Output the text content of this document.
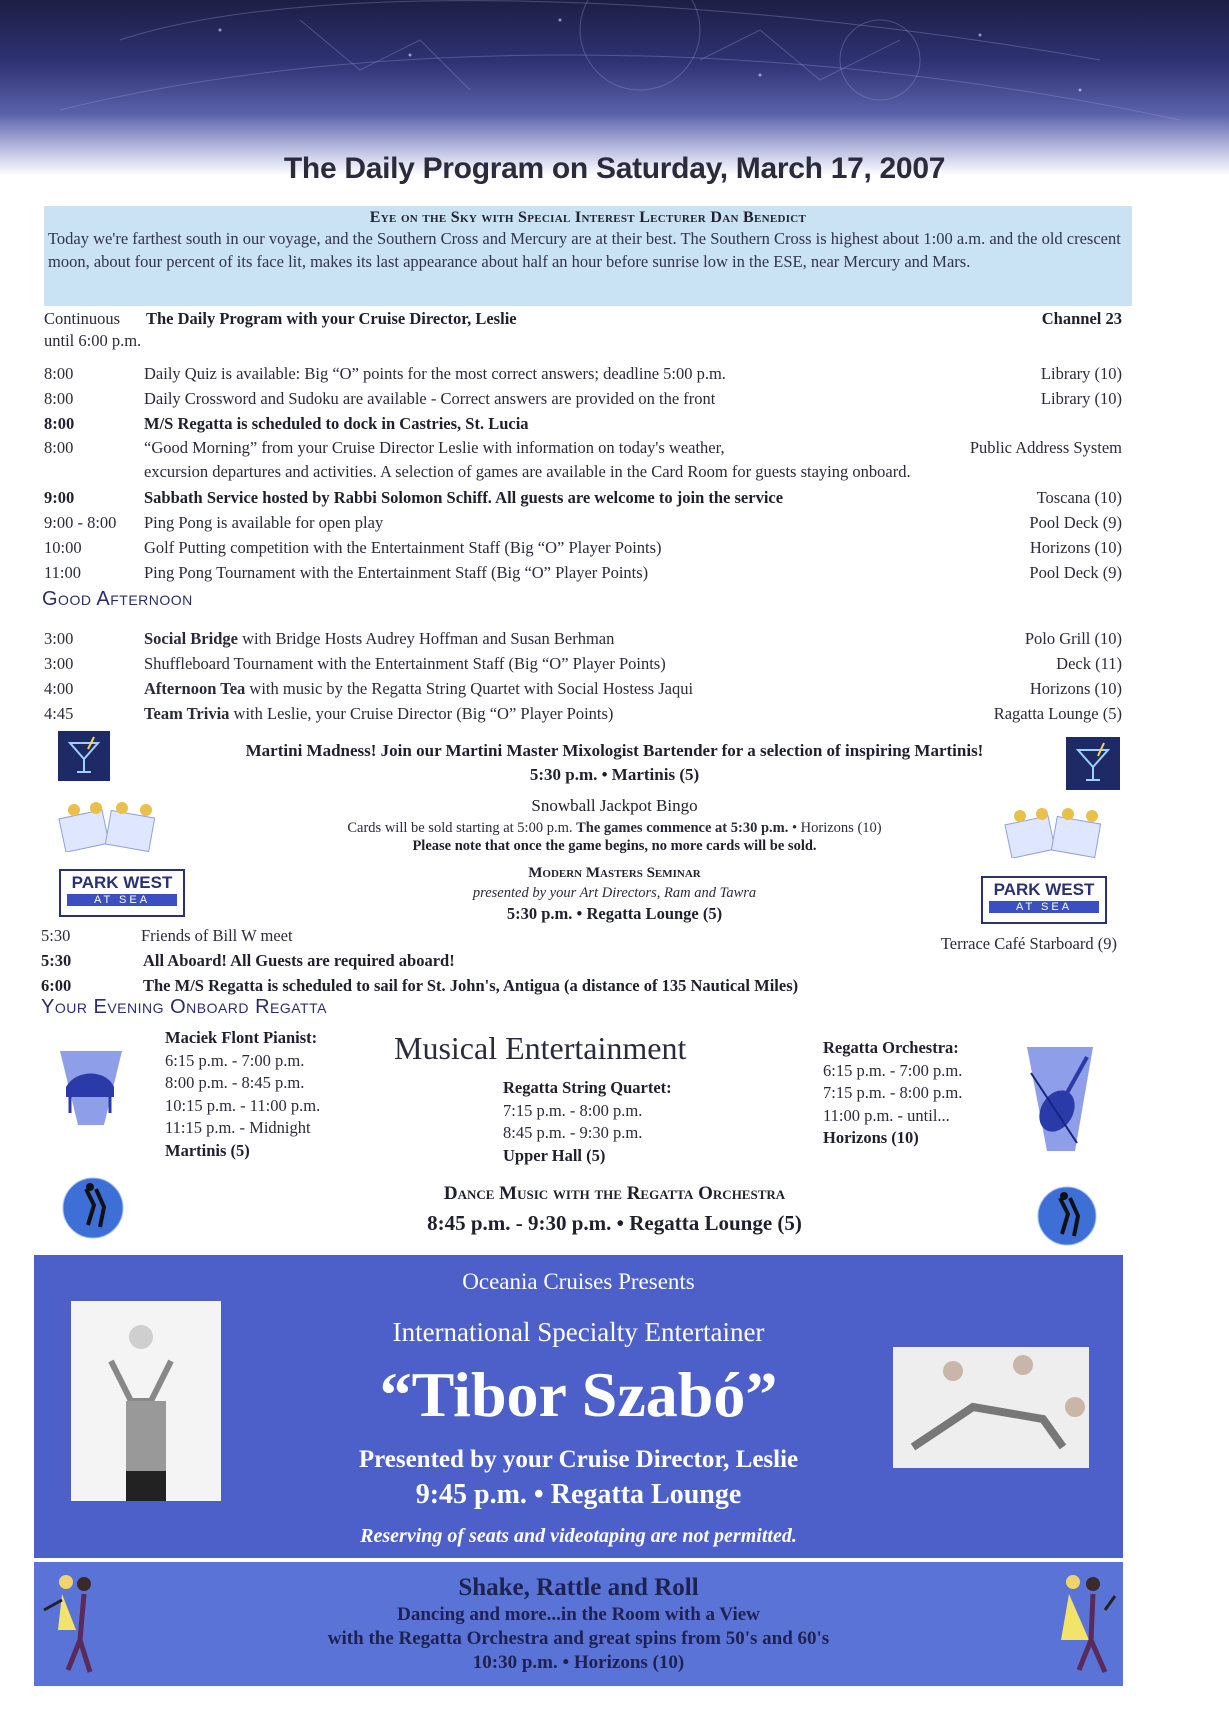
The Daily Program on Saturday, March 17, 2007
Eye on the Sky with Special Interest Lecturer Dan Benedict
Today we're farthest south in our voyage, and the Southern Cross and Mercury are at their best. The Southern Cross is highest about 1:00 a.m. and the old crescent moon, about four percent of its face lit, makes its last appearance about half an hour before sunrise low in the ESE, near Mercury and Mars.
Continuous The Daily Program with your Cruise Director, Leslie	Channel 23
until 6:00 p.m.
8:00	Daily Quiz is available: Big “O” points for the most correct answers; deadline 5:00 p.m.	Library (10)
8:00	Daily Crossword and Sudoku are available - Correct answers are provided on the front	Library (10)
8:00	M/S Regatta is scheduled to dock in Castries, St. Lucia
8:00	“Good Morning” from your Cruise Director Leslie with information on today's weather,	Public Address System
excursion departures and activities. A selection of games are available in the Card Room for guests staying onboard.
9:00	Sabbath Service hosted by Rabbi Solomon Schiff. All guests are welcome to join the service	Toscana (10)
9:00 - 8:00 Ping Pong is available for open play	Pool Deck (9)
10:00	Golf Putting competition with the Entertainment Staff (Big “O” Player Points)	Horizons (10)
11:00	Ping Pong Tournament with the Entertainment Staff (Big “O” Player Points)	Pool Deck (9)
Good Afternoon
3:00	Social Bridge with Bridge Hosts Audrey Hoffman and Susan Berhman	Polo Grill (10)
3:00	Shuffleboard Tournament with the Entertainment Staff (Big “O” Player Points)	Deck (11)
4:00	Afternoon Tea with music by the Regatta String Quartet with Social Hostess Jaqui	Horizons (10)
4:45	Team Trivia with Leslie, your Cruise Director (Big “O” Player Points)	Ragatta Lounge (5)
Martini Madness! Join our Martini Master Mixologist Bartender for a selection of inspiring Martinis!
5:30 p.m. • Martinis (5)
Snowball Jackpot Bingo
Cards will be sold starting at 5:00 p.m. The games commence at 5:30 p.m. • Horizons (10)
Please note that once the game begins, no more cards will be sold.
PARK WEST
AT SEA
PARK WEST
AT SEA
Modern Masters Seminar
presented by your Art Directors, Ram and Tawra
5:30 p.m. • Regatta Lounge (5)
5:30	Friends of Bill W meet	Terrace Café Starboard (9)
5:30	All Aboard! All Guests are required aboard!
6:00	The M/S Regatta is scheduled to sail for St. John's, Antigua (a distance of 135 Nautical Miles)
Your Evening Onboard Regatta
Musical Entertainment
Maciek Flont Pianist:
6:15 p.m. - 7:00 p.m.
8:00 p.m. - 8:45 p.m.
10:15 p.m. - 11:00 p.m.
11:15 p.m. - Midnight
Martinis (5)
Regatta String Quartet:
7:15 p.m. - 8:00 p.m.
8:45 p.m. - 9:30 p.m.
Upper Hall (5)
Regatta Orchestra:
6:15 p.m. - 7:00 p.m.
7:15 p.m. - 8:00 p.m.
11:00 p.m. - until...
Horizons (10)
Dance Music with the Regatta Orchestra
8:45 p.m. - 9:30 p.m. • Regatta Lounge (5)
Oceania Cruises Presents
International Specialty Entertainer
“Tibor Szabó”
Presented by your Cruise Director, Leslie
9:45 p.m. • Regatta Lounge
Reserving of seats and videotaping are not permitted.
Shake, Rattle and Roll
Dancing and more...in the Room with a View
with the Regatta Orchestra and great spins from 50's and 60's
10:30 p.m. • Horizons (10)
